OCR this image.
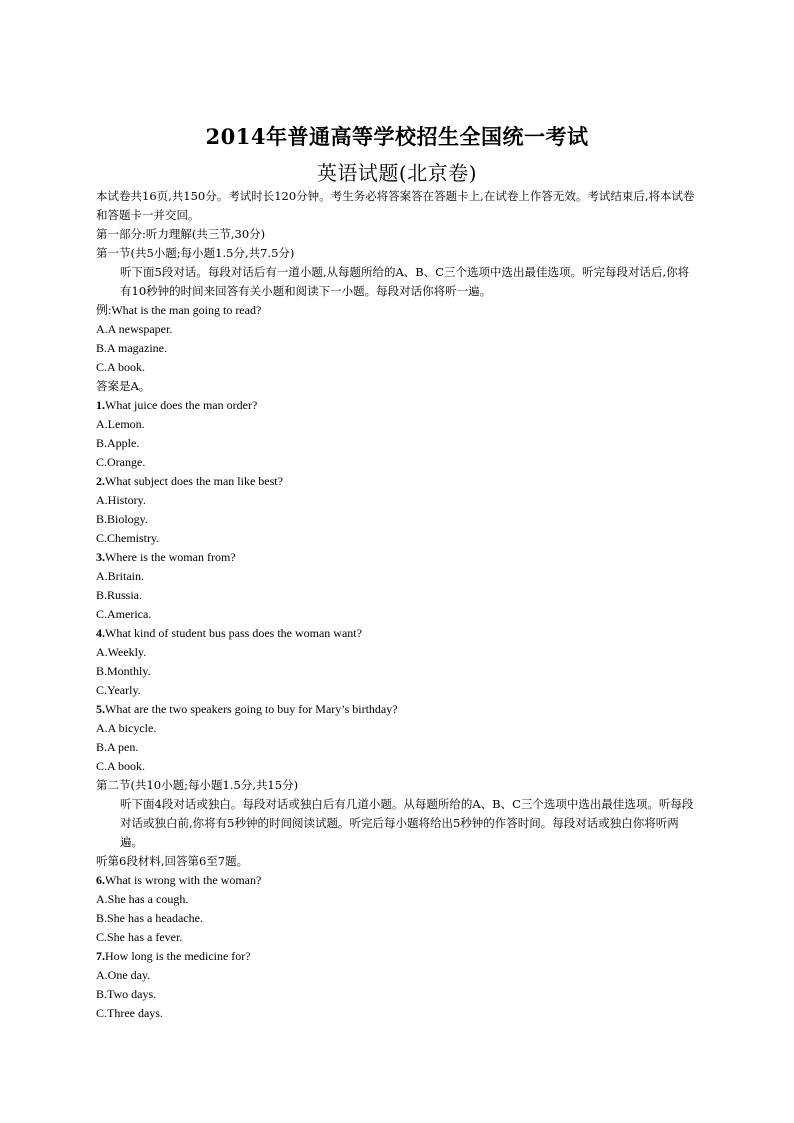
2014年普通高等学校招生全国统一考试
英语试题(北京卷)
本试卷共16页,共150分。考试时长120分钟。考生务必将答案答在答题卡上,在试卷上作答无效。考试结束后,将本试卷和答题卡一并交回。
第一部分:听力理解(共三节,30分)
第一节(共5小题;每小题1.5分,共7.5分)
听下面5段对话。每段对话后有一道小题,从每题所给的A、B、C三个选项中选出最佳选项。听完每段对话后,你将有10秒钟的时间来回答有关小题和阅读下一小题。每段对话你将听一遍。
例:What is the man going to read?
A.A newspaper.
B.A magazine.
C.A book.
答案是A。
1.What juice does the man order?
A.Lemon.
B.Apple.
C.Orange.
2.What subject does the man like best?
A.History.
B.Biology.
C.Chemistry.
3.Where is the woman from?
A.Britain.
B.Russia.
C.America.
4.What kind of student bus pass does the woman want?
A.Weekly.
B.Monthly.
C.Yearly.
5.What are the two speakers going to buy for Mary’s birthday?
A.A bicycle.
B.A pen.
C.A book.
第二节(共10小题;每小题1.5分,共15分)
听下面4段对话或独白。每段对话或独白后有几道小题。从每题所给的A、B、C三个选项中选出最佳选项。听每段对话或独白前,你将有5秒钟的时间阅读试题。听完后每小题将给出5秒钟的作答时间。每段对话或独白你将听两遍。
听第6段材料,回答第6至7题。
6.What is wrong with the woman?
A.She has a cough.
B.She has a headache.
C.She has a fever.
7.How long is the medicine for?
A.One day.
B.Two days.
C.Three days.
